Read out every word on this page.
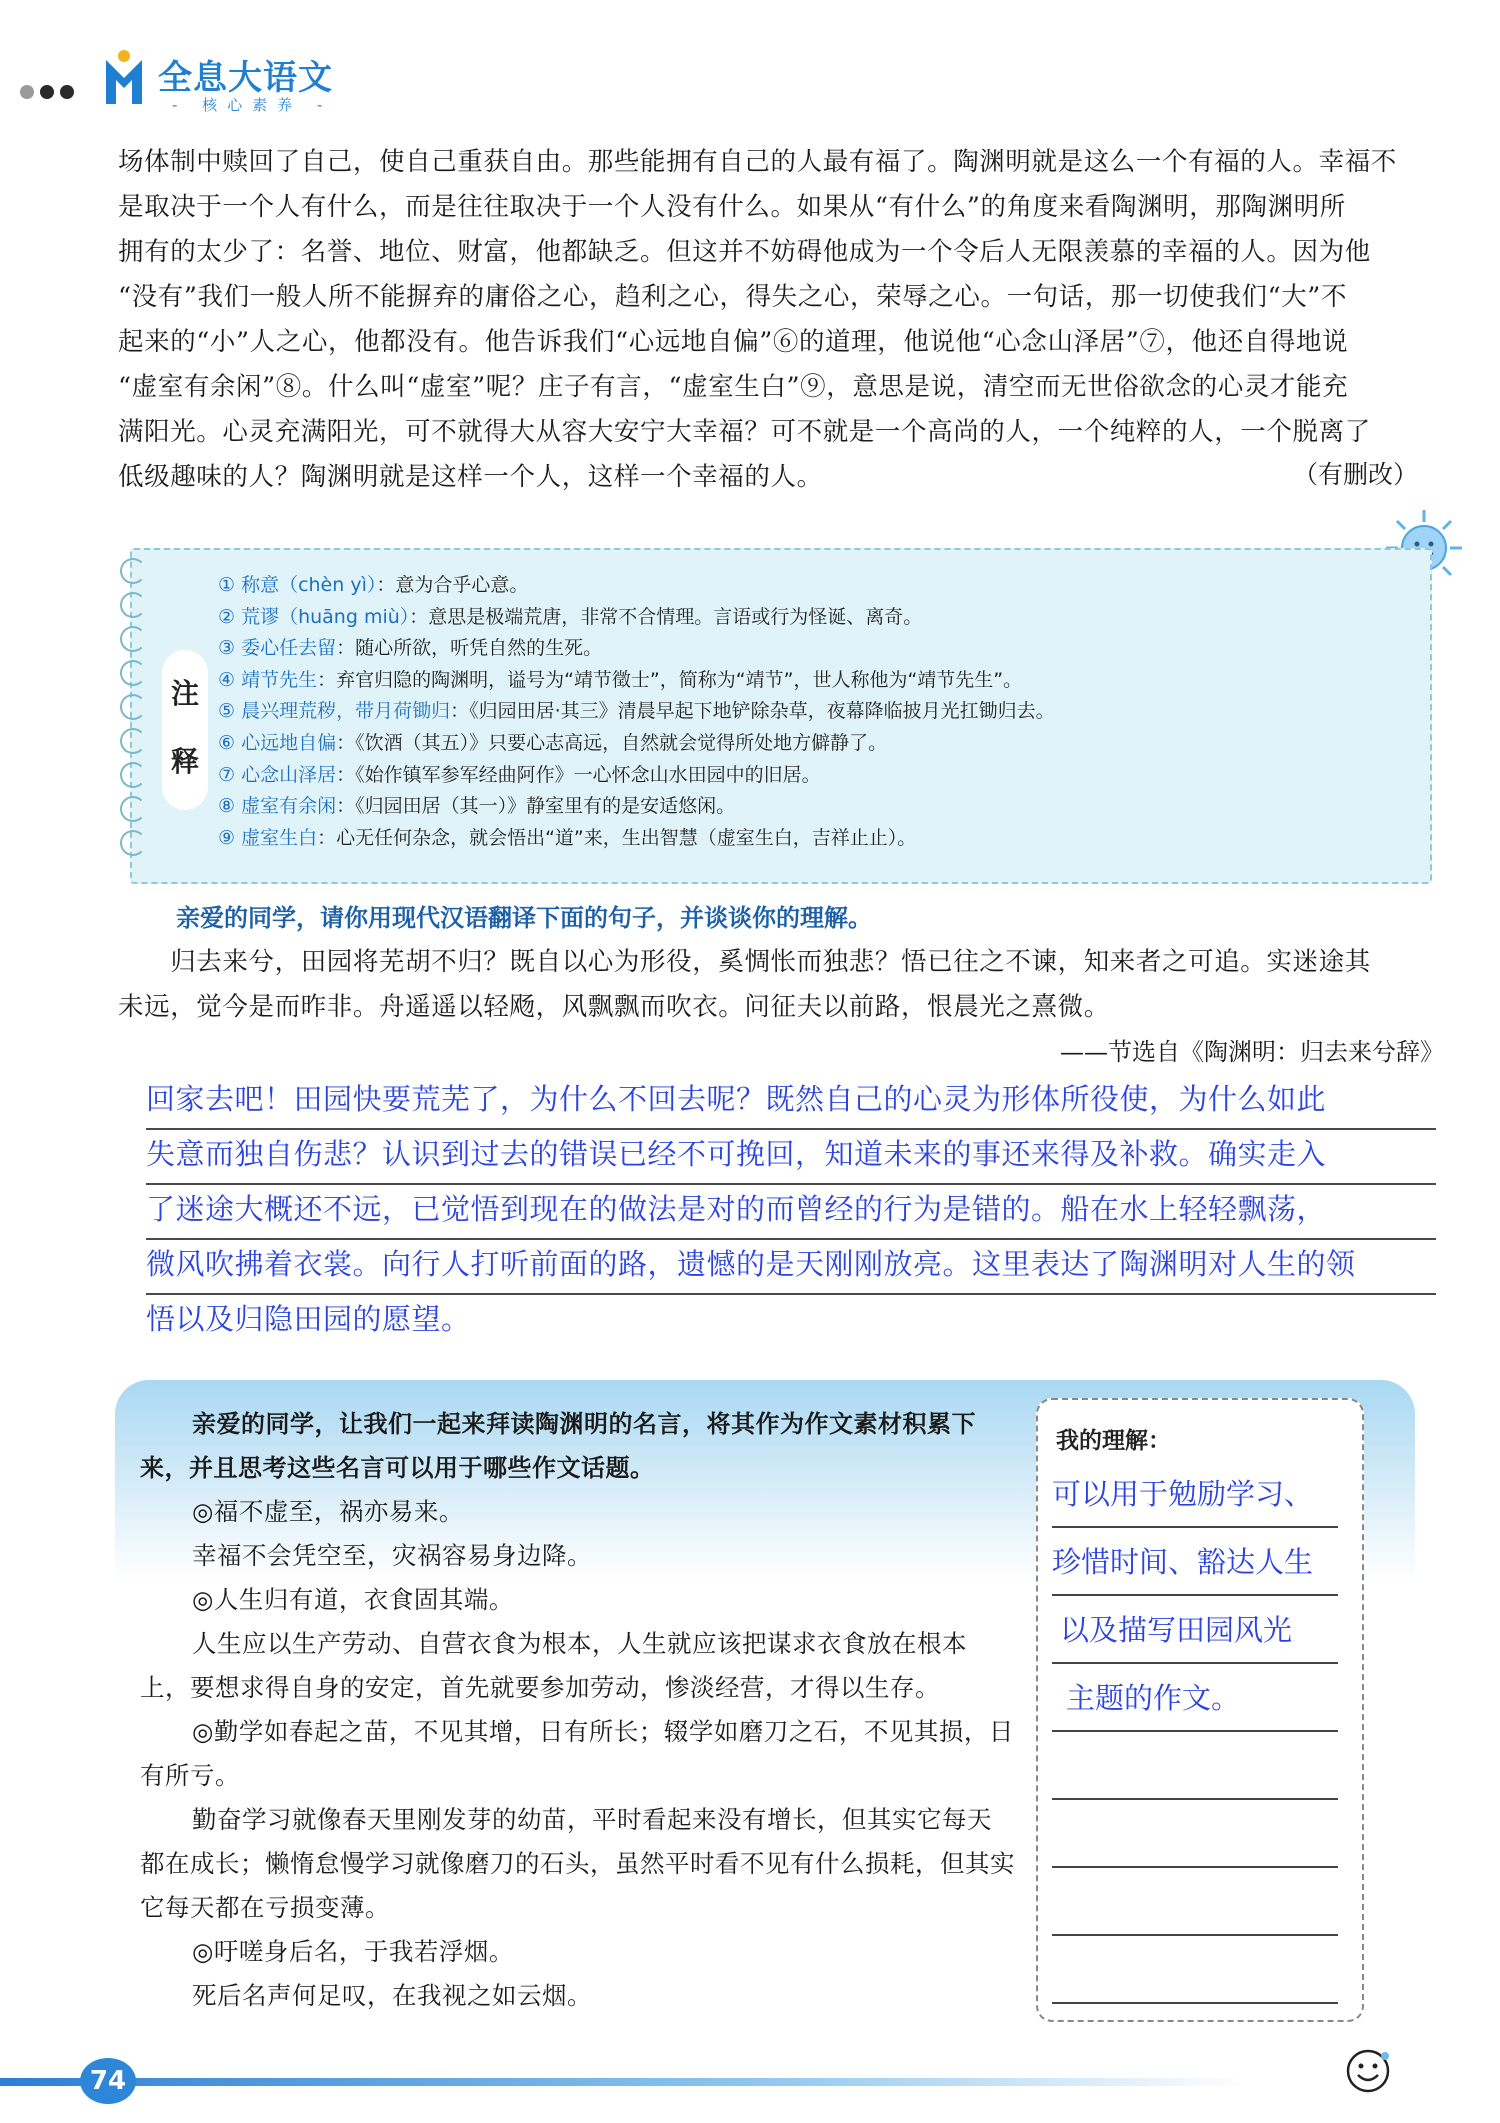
全息大语文
- 核心素养 -

场体制中赎回了自己，使自己重获自由。那些能拥有自己的人最有福了。陶渊明就是这么一个有福的人。幸福不

是取决于一个人有什么，而是往往取决于一个人没有什么。如果从“有什么”的角度来看陶渊明，那陶渊明所

拥有的太少了：名誉、地位、财富，他都缺乏。但这并不妨碍他成为一个令后人无限羡慕的幸福的人。因为他

“没有”我们一般人所不能摒弃的庸俗之心，趋利之心，得失之心，荣辱之心。一句话，那一切使我们“大”不

起来的“小”人之心，他都没有。他告诉我们“心远地自偏”⑥的道理，他说他“心念山泽居”⑦，他还自得地说

“虚室有余闲”⑧。什么叫“虚室”呢？庄子有言，“虚室生白”⑨，意思是说，清空而无世俗欲念的心灵才能充

满阳光。心灵充满阳光，可不就得大从容大安宁大幸福？可不就是一个高尚的人，一个纯粹的人，一个脱离了

低级趣味的人？陶渊明就是这样一个人，这样一个幸福的人。	（有删改）
注
释
① 称意（chèn yì）：意为合乎心意。
② 荒谬（huāng miù）：意思是极端荒唐，非常不合情理。言语或行为怪诞、离奇。
③ 委心任去留：随心所欲，听凭自然的生死。
④ 靖节先生：弃官归隐的陶渊明，谥号为“靖节徵士”，简称为“靖节”，世人称他为“靖节先生”。
⑤ 晨兴理荒秽，带月荷锄归：《归园田居·其三》清晨早起下地铲除杂草，夜幕降临披月光扛锄归去。
⑥ 心远地自偏：《饮酒（其五）》只要心志高远，自然就会觉得所处地方僻静了。
⑦ 心念山泽居：《始作镇军参军经曲阿作》一心怀念山水田园中的旧居。
⑧ 虚室有余闲：《归园田居（其一）》静室里有的是安适悠闲。
⑨ 虚室生白：心无任何杂念，就会悟出“道”来，生出智慧（虚室生白，吉祥止止）。
亲爱的同学，请你用现代汉语翻译下面的句子，并谈谈你的理解。
　　归去来兮，田园将芜胡不归？既自以心为形役，奚惆怅而独悲？悟已往之不谏，知来者之可追。实迷途其
未远，觉今是而昨非。舟遥遥以轻飏，风飘飘而吹衣。问征夫以前路，恨晨光之熹微。
——节选自《陶渊明：归去来兮辞》
回家去吧！田园快要荒芜了，为什么不回去呢？既然自己的心灵为形体所役使，为什么如此
失意而独自伤悲？认识到过去的错误已经不可挽回，知道未来的事还来得及补救。确实走入
了迷途大概还不远，已觉悟到现在的做法是对的而曾经的行为是错的。船在水上轻轻飘荡，
微风吹拂着衣裳。向行人打听前面的路，遗憾的是天刚刚放亮。这里表达了陶渊明对人生的领
悟以及归隐田园的愿望。

亲爱的同学，让我们一起来拜读陶渊明的名言，将其作为作文素材积累下来，并且思考这些名言可以用于哪些作文话题。

◎福不虚至，祸亦易来。

幸福不会凭空至，灾祸容易身边降。

◎人生归有道，衣食固其端。

人生应以生产劳动、自营衣食为根本，人生就应该把谋求衣食放在根本上，要想求得自身的安定，首先就要参加劳动，惨淡经营，才得以生存。

◎勤学如春起之苗，不见其增，日有所长；辍学如磨刀之石，不见其损，日有所亏。

勤奋学习就像春天里刚发芽的幼苗，平时看起来没有增长，但其实它每天都在成长；懒惰怠慢学习就像磨刀的石头，虽然平时看不见有什么损耗，但其实它每天都在亏损变薄。

◎吁嗟身后名，于我若浮烟。

死后名声何足叹，在我视之如云烟。

我的理解：
可以用于勉励学习、
珍惜时间、豁达人生
以及描写田园风光
主题的作文。
74
